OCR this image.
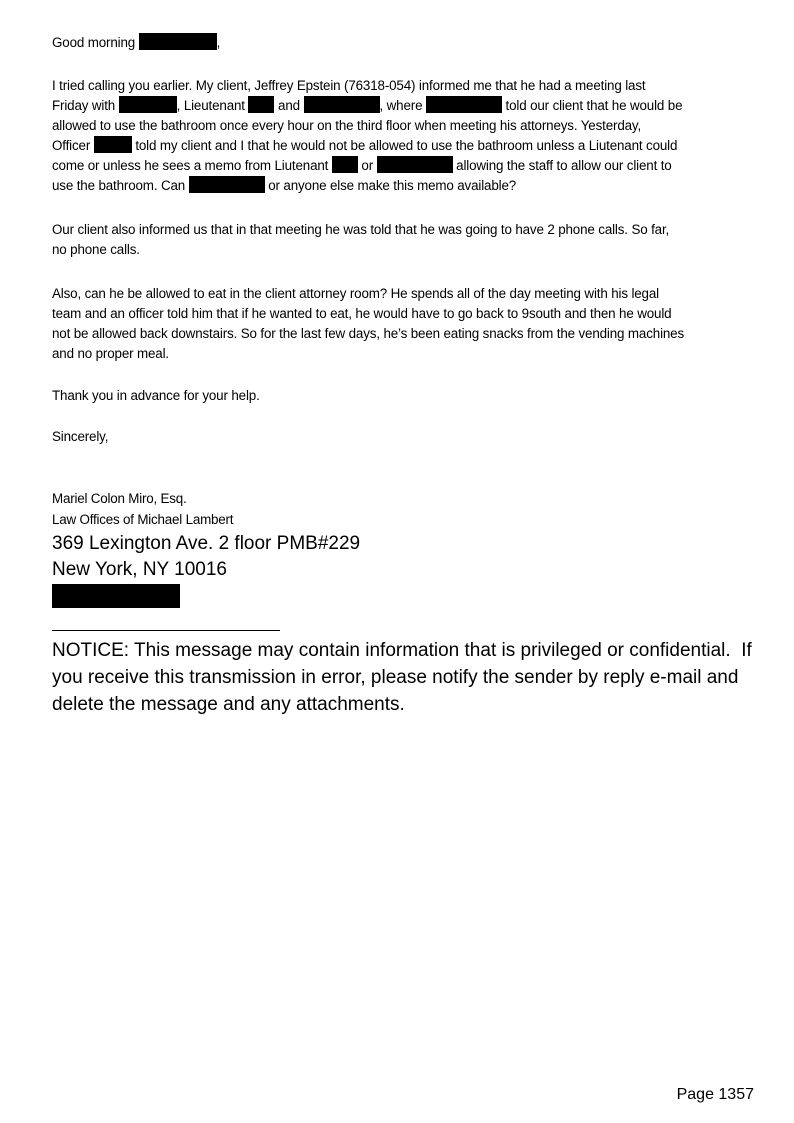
Good morning	,
I tried calling you earlier. My client, Jeffrey Epstein (76318-054) informed me that he had a meeting last
Friday with	, Lieutenant and	, where	told our client that he would be
allowed to use the bathroom once every hour on the third floor when meeting his attorneys. Yesterday,
Officer	told my client and I that he would not be allowed to use the bathroom unless a Liutenant could
come or unless he sees a memo from Liutenant or	allowing the staff to allow our client to
use the bathroom. Can	or anyone else make this memo available?
Our client also informed us that in that meeting he was told that he was going to have 2 phone calls. So far,
no phone calls.
Also, can he be allowed to eat in the client attorney room? He spends all of the day meeting with his legal
team and an officer told him that if he wanted to eat, he would have to go back to 9south and then he would
not be allowed back downstairs. So for the last few days, he’s been eating snacks from the vending machines
and no proper meal.
Thank you in advance for your help.
Sincerely,
Mariel Colon Miro, Esq.
Law Offices of Michael Lambert
369 Lexington Ave. 2 floor PMB#229
New York, NY 10016
NOTICE: This message may contain information that is privileged or confidential.  If
you receive this transmission in error, please notify the sender by reply e-mail and
delete the message and any attachments.
Page 1357
